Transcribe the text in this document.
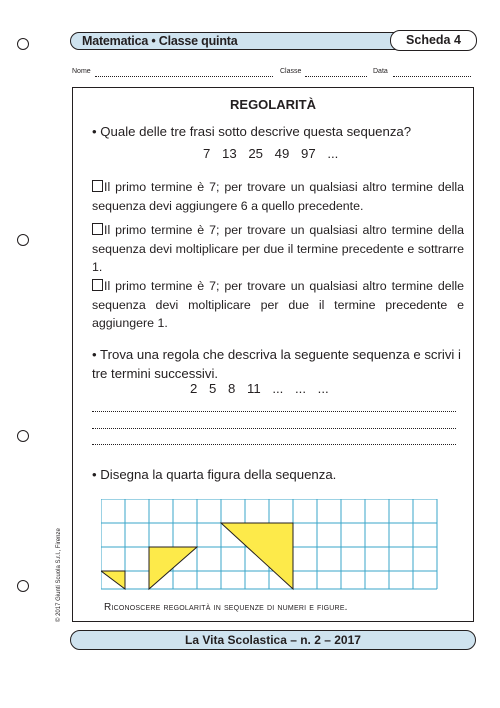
Matematica • Classe quinta	Scheda 4
Nome	Classe	Data
REGOLARITÀ
• Quale delle tre frasi sotto descrive questa sequenza?
7 13 25 49 97 ...
Il primo termine è 7; per trovare un qualsiasi altro termine della sequenza devi aggiungere 6 a quello precedente.
Il primo termine è 7; per trovare un qualsiasi altro termine della sequenza devi moltiplicare per due il termine precedente e sottrarre 1.
Il primo termine è 7; per trovare un qualsiasi altro termine delle sequenza devi moltiplicare per due il termine precedente e aggiungere 1.
• Trova una regola che descriva la seguente sequenza e scrivi i tre termini successivi.
2 5 8 11 ... ... ...
• Disegna la quarta figura della sequenza.
Riconoscere regolarità in sequenze di numeri e figure.
© 2017 Giunti Scuola S.r.l., Firenze
La Vita Scolastica – n. 2 – 2017
